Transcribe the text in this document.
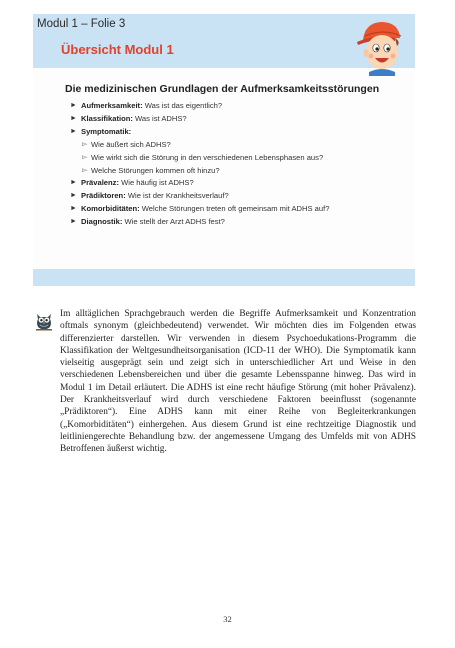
Modul 1 – Folie 3
Übersicht Modul 1
Die medizinischen Grundlagen der Aufmerksamkeitsstörungen
► Aufmerksamkeit: Was ist das eigentlich?
► Klassifikation: Was ist ADHS?
► Symptomatik:
▻ Wie äußert sich ADHS?
▻ Wie wirkt sich die Störung in den verschiedenen Lebensphasen aus?
▻ Welche Störungen kommen oft hinzu?
► Prävalenz: Wie häufig ist ADHS?
► Prädiktoren: Wie ist der Krankheitsverlauf?
► Komorbiditäten: Welche Störungen treten oft gemeinsam mit ADHS auf?
► Diagnostik: Wie stellt der Arzt ADHS fest?

Im alltäglichen Sprachgebrauch werden die Begriffe Aufmerksamkeit und Konzentration oftmals synonym (gleichbedeutend) verwendet. Wir möchten dies im Folgenden etwas differenzierter darstellen. Wir verwenden in diesem Psychoedukations-Programm die Klassifikation der Weltgesundheitsorganisation (ICD-11 der WHO). Die Symptomatik kann vielseitig ausgeprägt sein und zeigt sich in unterschiedlicher Art und Weise in den verschiedenen Lebensbereichen und über die gesamte Lebensspanne hinweg. Das wird in Modul 1 im Detail erläutert. Die ADHS ist eine recht häufige Störung (mit hoher Prävalenz). Der Krankheitsverlauf wird durch verschiedene Faktoren beeinflusst (sogenannte „Prädiktoren“). Eine ADHS kann mit einer Reihe von Begleiterkrankungen („Komorbiditäten“) einhergehen. Aus diesem Grund ist eine rechtzeitige Diagnostik und leitliniengerechte Behandlung bzw. der angemessene Umgang des Umfelds mit von ADHS Betroffenen äußerst wichtig.

32
